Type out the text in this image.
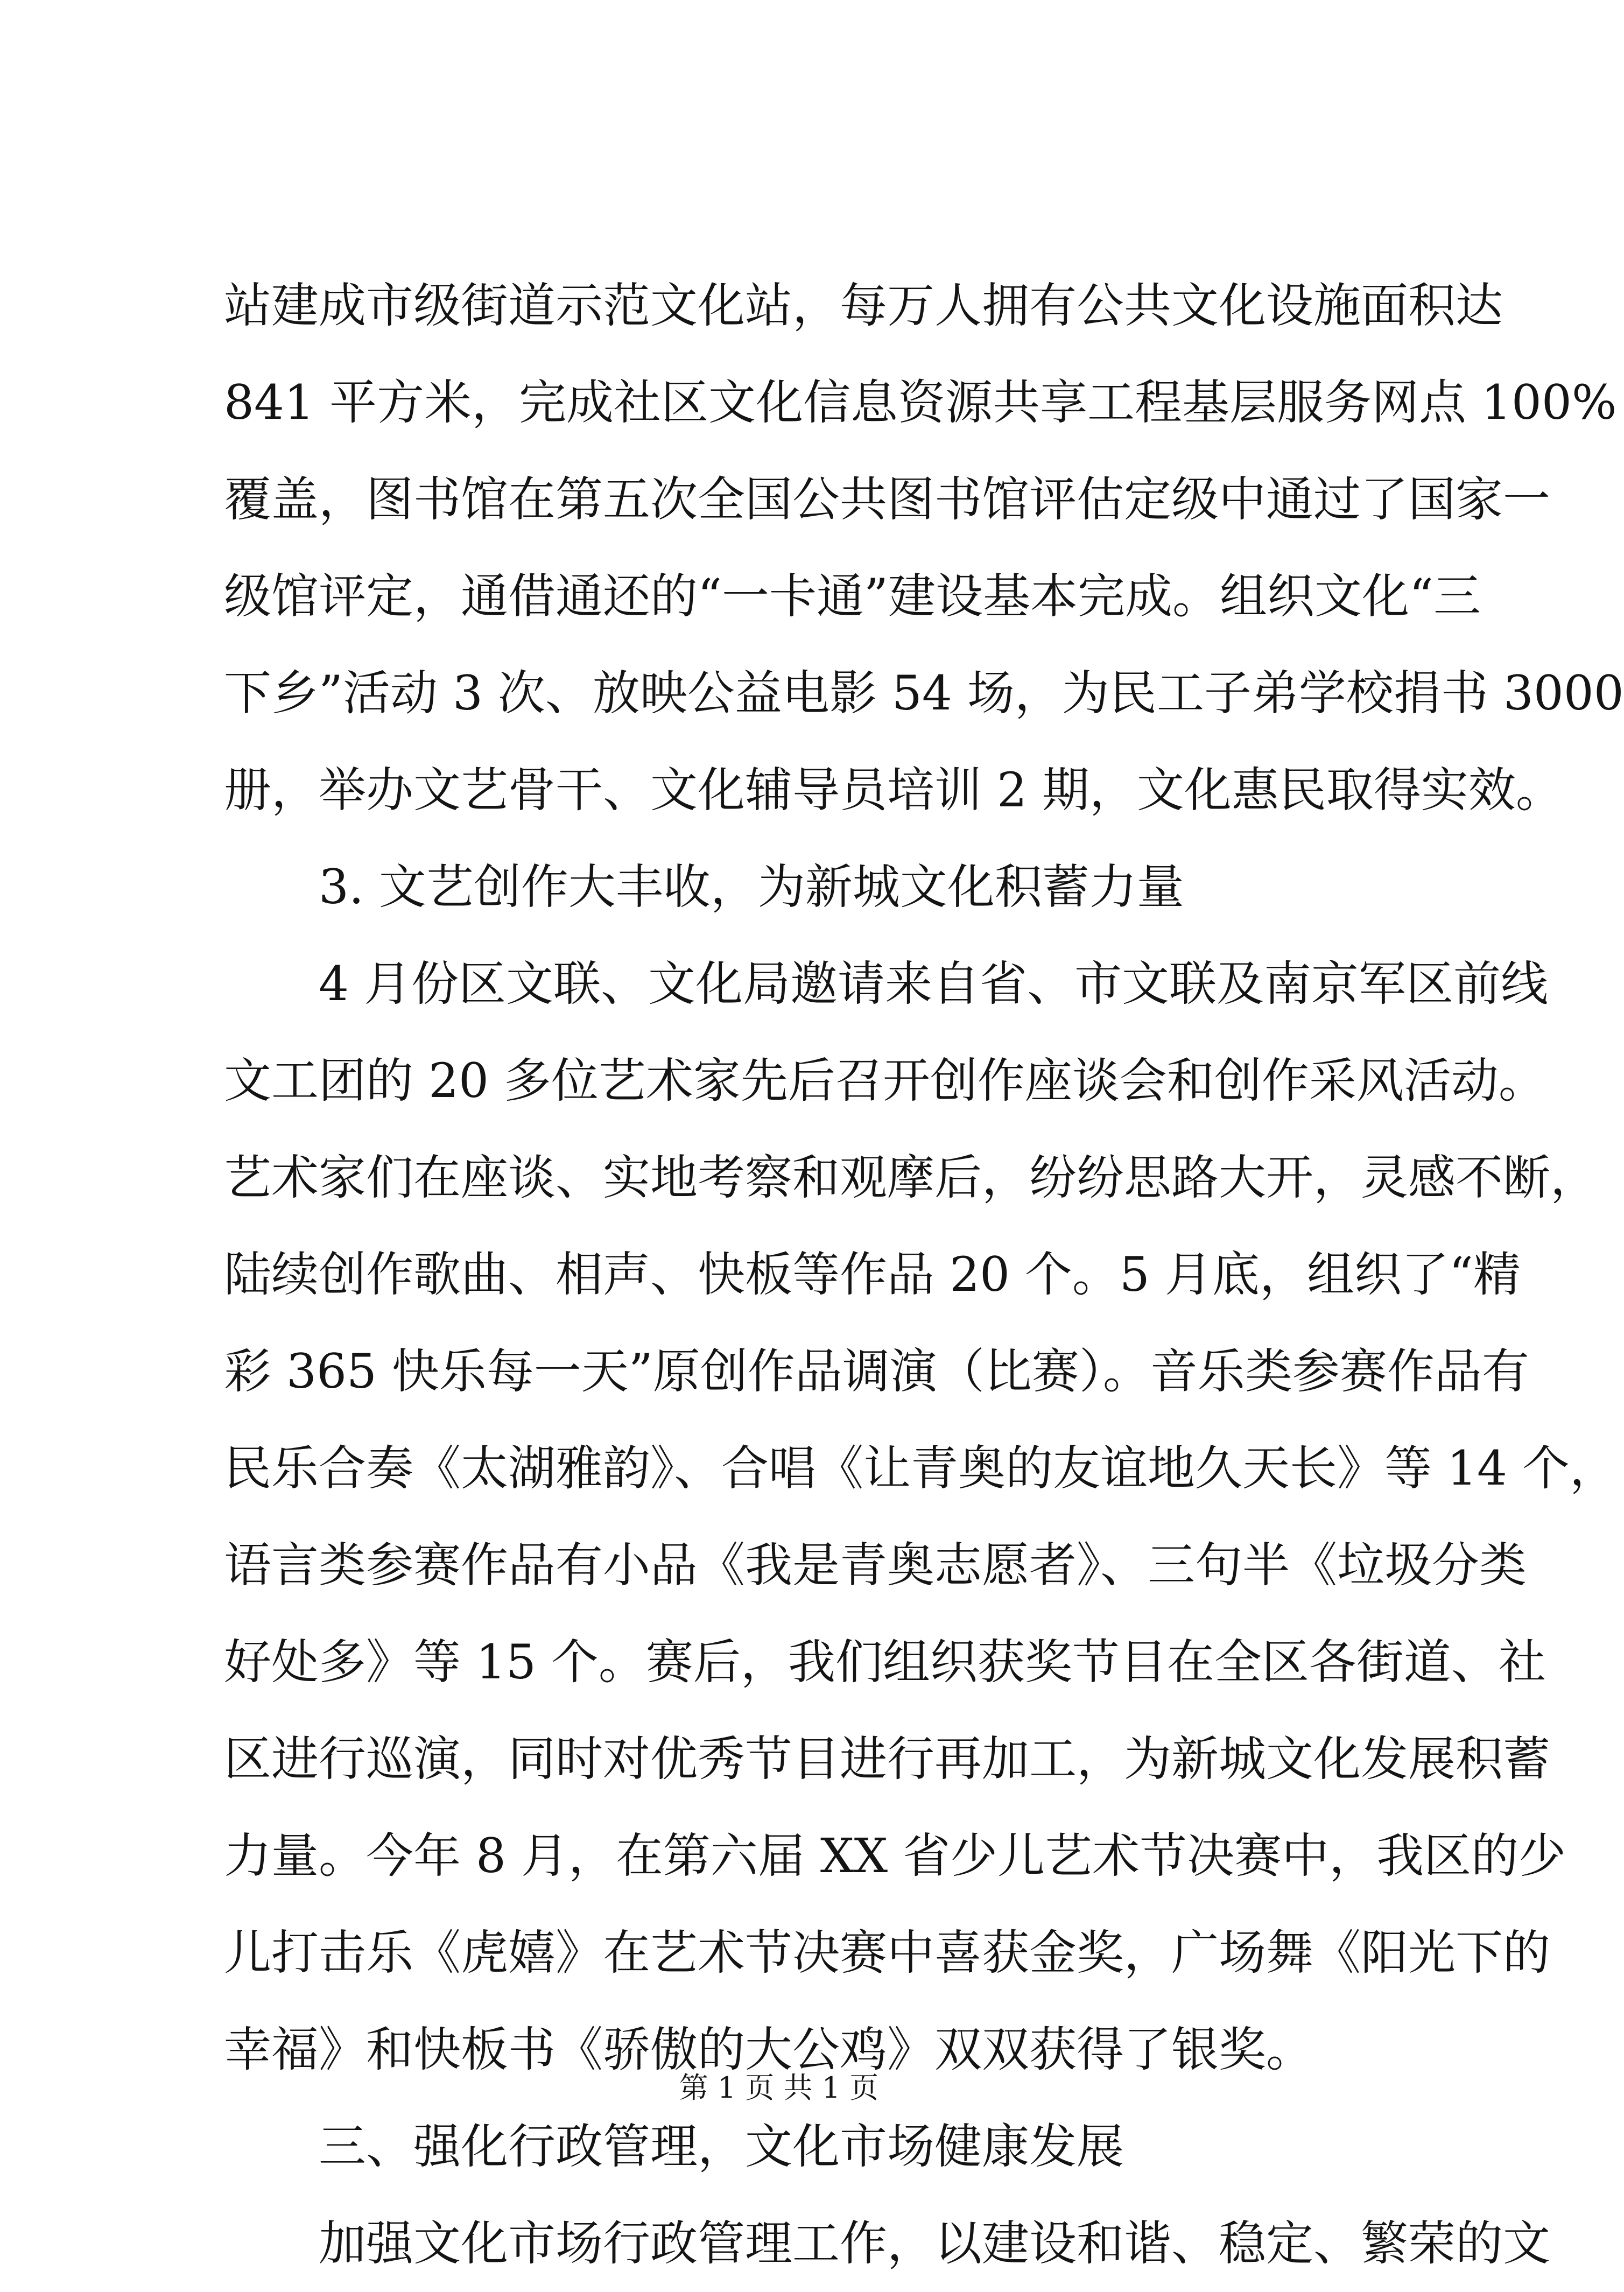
站建成市级街道示范文化站，每万人拥有公共文化设施面积达
841 平方米，完成社区文化信息资源共享工程基层服务网点 100%
覆盖，图书馆在第五次全国公共图书馆评估定级中通过了国家一
级馆评定，通借通还的“一卡通”建设基本完成。组织文化“三
下乡”活动 3 次、放映公益电影 54 场，为民工子弟学校捐书 3000
册，举办文艺骨干、文化辅导员培训 2 期，文化惠民取得实效。
3. 文艺创作大丰收，为新城文化积蓄力量
4 月份区文联、文化局邀请来自省、市文联及南京军区前线
文工团的 20 多位艺术家先后召开创作座谈会和创作采风活动。
艺术家们在座谈、实地考察和观摩后，纷纷思路大开，灵感不断，
陆续创作歌曲、相声、快板等作品 20 个。5 月底，组织了“精
彩 365 快乐每一天”原创作品调演（比赛）。音乐类参赛作品有
民乐合奏《太湖雅韵》、合唱《让青奥的友谊地久天长》等 14 个，
语言类参赛作品有小品《我是青奥志愿者》、三句半《垃圾分类
好处多》等 15 个。赛后，我们组织获奖节目在全区各街道、社
区进行巡演，同时对优秀节目进行再加工，为新城文化发展积蓄
力量。今年 8 月，在第六届 XX 省少儿艺术节决赛中，我区的少
儿打击乐《虎嬉》在艺术节决赛中喜获金奖，广场舞《阳光下的
幸福》和快板书《骄傲的大公鸡》双双获得了银奖。
三、强化行政管理，文化市场健康发展
加强文化市场行政管理工作，以建设和谐、稳定、繁荣的文
第 1 页 共 1 页
